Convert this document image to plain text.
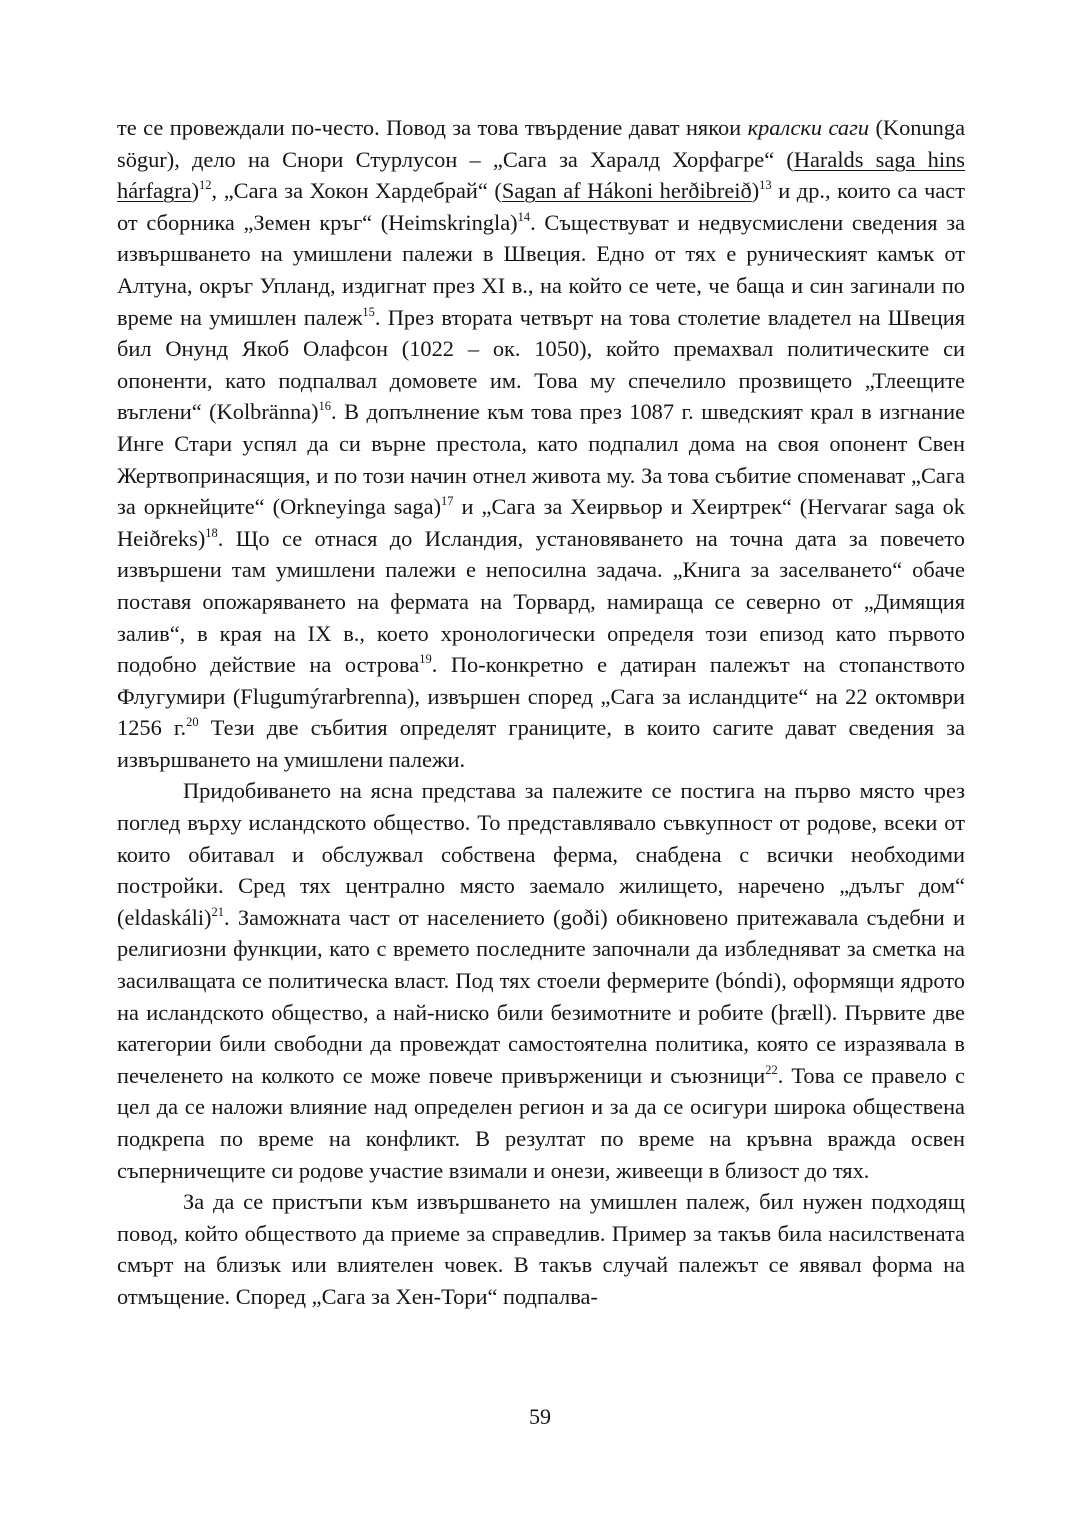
те се провеждали по-често. Повод за това твърдение дават някои кралски саги (Konunga sögur), дело на Снори Стурлусон – „Сага за Харалд Хорфагре“ (Haralds saga hins hárfagra)$^{12}$, „Сага за Хокон Хардебрай“ (Sagan af Hákoni herðibreið)$^{13}$ и др., които са част от сборника „Земен кръг“ (Heimskringla)$^{14}$. Съществуват и недвусмислени сведения за извършването на умишлени палежи в Швеция. Едно от тях е руническият камък от Алтуна, окръг Упланд, издигнат през XI в., на който се чете, че баща и син загинали по време на умишлен палеж$^{15}$. През втората четвърт на това столетие владетел на Швеция бил Онунд Якоб Олафсон (1022 – ок. 1050), който премахвал политическите си опоненти, като подпалвал домовете им. Това му спечелило прозвището „Тлеещите въглени“ (Kolbränna)$^{16}$. В допълнение към това през 1087 г. шведският крал в изгнание Инге Стари успял да си върне престола, като подпалил дома на своя опонент Свен Жертвопринасящия, и по този начин отнел живота му. За това събитие споменават „Сага за оркнейците“ (Orkneyinga saga)$^{17}$ и „Сага за Хеирвьор и Хеиртрек“ (Hervarar saga ok Heiðreks)$^{18}$. Що се отнася до Исландия, установяването на точна дата за повечето извършени там умишлени палежи е непосилна задача. „Книга за заселването“ обаче поставя опожаряването на фермата на Торвард, намираща се северно от „Димящия залив“, в края на IX в., което хронологически определя този епизод като първото подобно действие на острова$^{19}$. По-конкретно е датиран палежът на стопанството Флугумири (Flugumýrarbrenna), извършен според „Сага за исландците“ на 22 октомври 1256 г.$^{20}$ Тези две събития определят границите, в които сагите дават сведения за извършването на умишлени палежи.

Придобиването на ясна представа за палежите се постига на първо място чрез поглед върху исландското общество. То представлявало съвкупност от родове, всеки от които обитавал и обслужвал собствена ферма, снабдена с всички необходими постройки. Сред тях централно място заемало жилището, наречено „дълъг дом“ (eldaskáli)$^{21}$. Заможната част от населението (goði) обикновено притежавала съдебни и религиозни функции, като с времето последните започнали да избледняват за сметка на засилващата се политическа власт. Под тях стоели фермерите (bóndi), оформящи ядрото на исландското общество, а най-ниско били безимотните и робите (þræll). Първите две категории били свободни да провеждат самостоятелна политика, която се изразявала в печеленето на колкото се може повече привърженици и съюзници$^{22}$. Това се правело с цел да се наложи влияние над определен регион и за да се осигури широка обществена подкрепа по време на конфликт. В резултат по време на кръвна вражда освен съперничещите си родове участие взимали и онези, живеещи в близост до тях.

За да се пристъпи към извършването на умишлен палеж, бил нужен подходящ повод, който обществото да приеме за справедлив. Пример за такъв била насилствената смърт на близък или влиятелен човек. В такъв случай палежът се явявал форма на отмъщение. Според „Сага за Хен-Тори“ подпалва-

59
